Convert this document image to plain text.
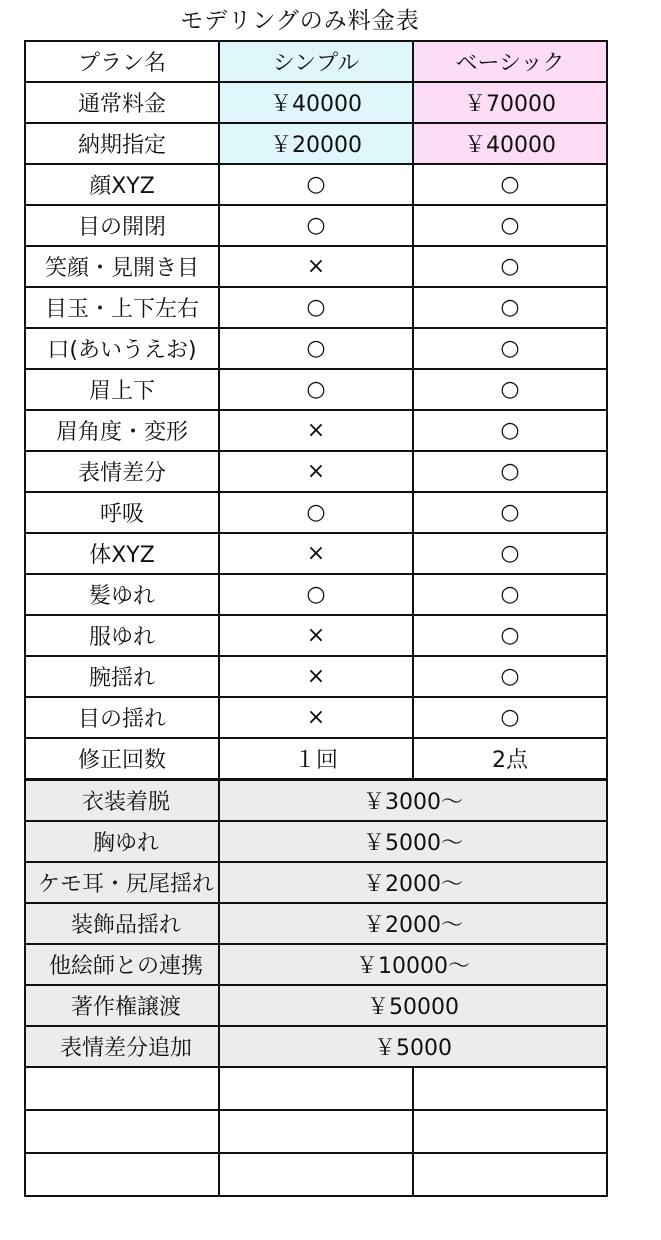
モデリングのみ料金表
プラン名	シンプル	ベーシック
通常料金	￥40000	￥70000
納期指定	￥20000	￥40000
顔XYZ	○	○
目の開閉	○	○
笑顔・見開き目	×	○
目玉・上下左右	○	○
口(あいうえお)	○	○
眉上下	○	○
眉角度・変形	×	○
表情差分	×	○
呼吸	○	○
体XYZ	×	○
髪ゆれ	○	○
服ゆれ	×	○
腕揺れ	×	○
目の揺れ	×	○
修正回数	１回	2点
衣装着脱	￥3000～	
胸ゆれ	￥5000～	
ケモ耳・尻尾揺れ	￥2000～	
装飾品揺れ	￥2000～	
他絵師との連携	￥10000～	
著作権譲渡	￥50000	
表情差分追加	￥5000	
